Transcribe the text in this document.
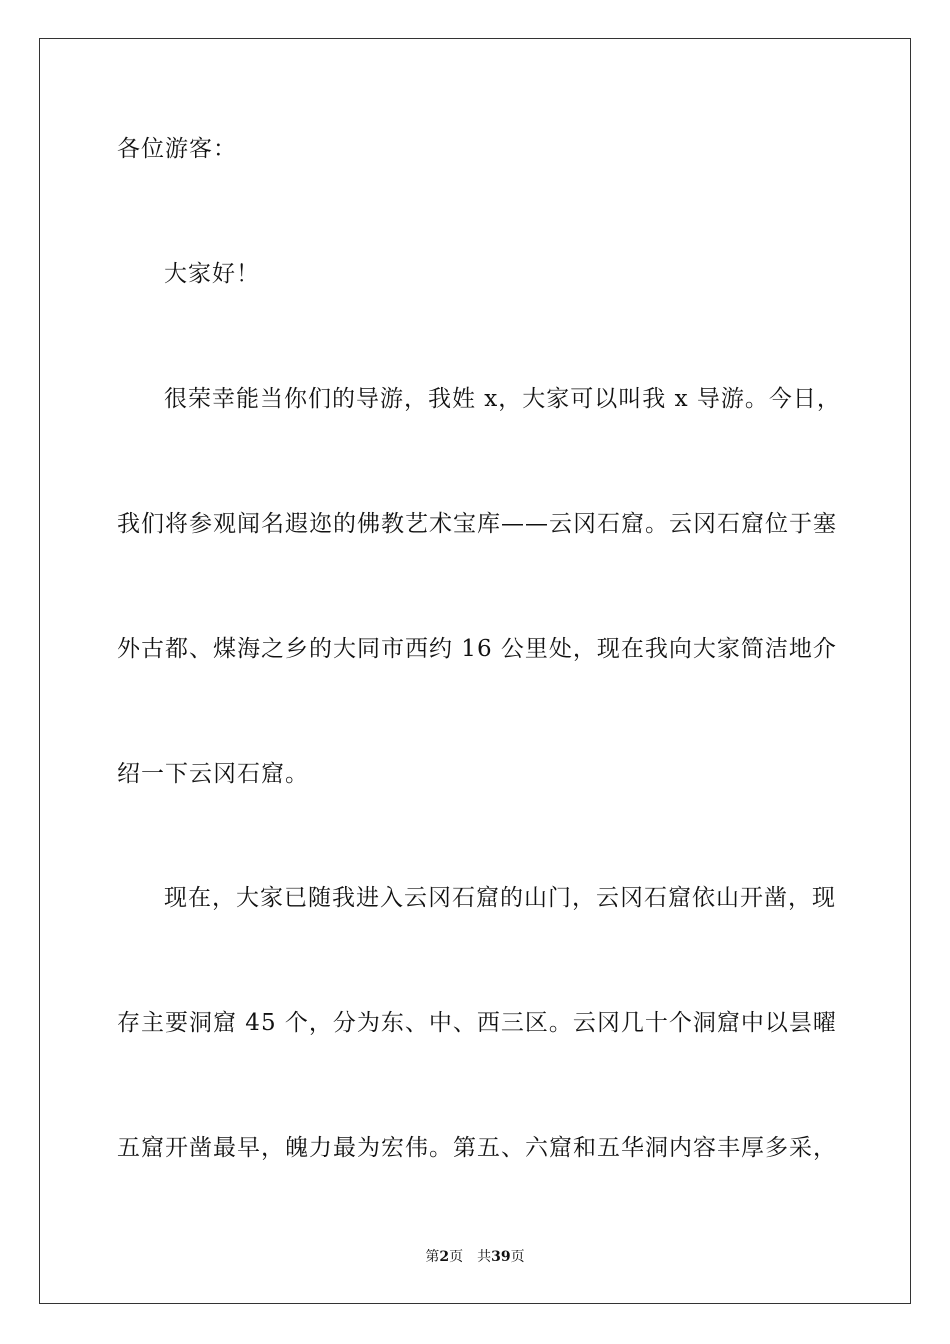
各位游客：
大家好！
很荣幸能当你们的导游，我姓 x，大家可以叫我 x 导游。今日，
我们将参观闻名遐迩的佛教艺术宝库——云冈石窟。云冈石窟位于塞
外古都、煤海之乡的大同市西约 16 公里处，现在我向大家简洁地介
绍一下云冈石窟。
现在，大家已随我进入云冈石窟的山门，云冈石窟依山开凿，现
存主要洞窟 45 个，分为东、中、西三区。云冈几十个洞窟中以昙曜
五窟开凿最早，魄力最为宏伟。第五、六窟和五华洞内容丰厚多采，
第2页 共39页
